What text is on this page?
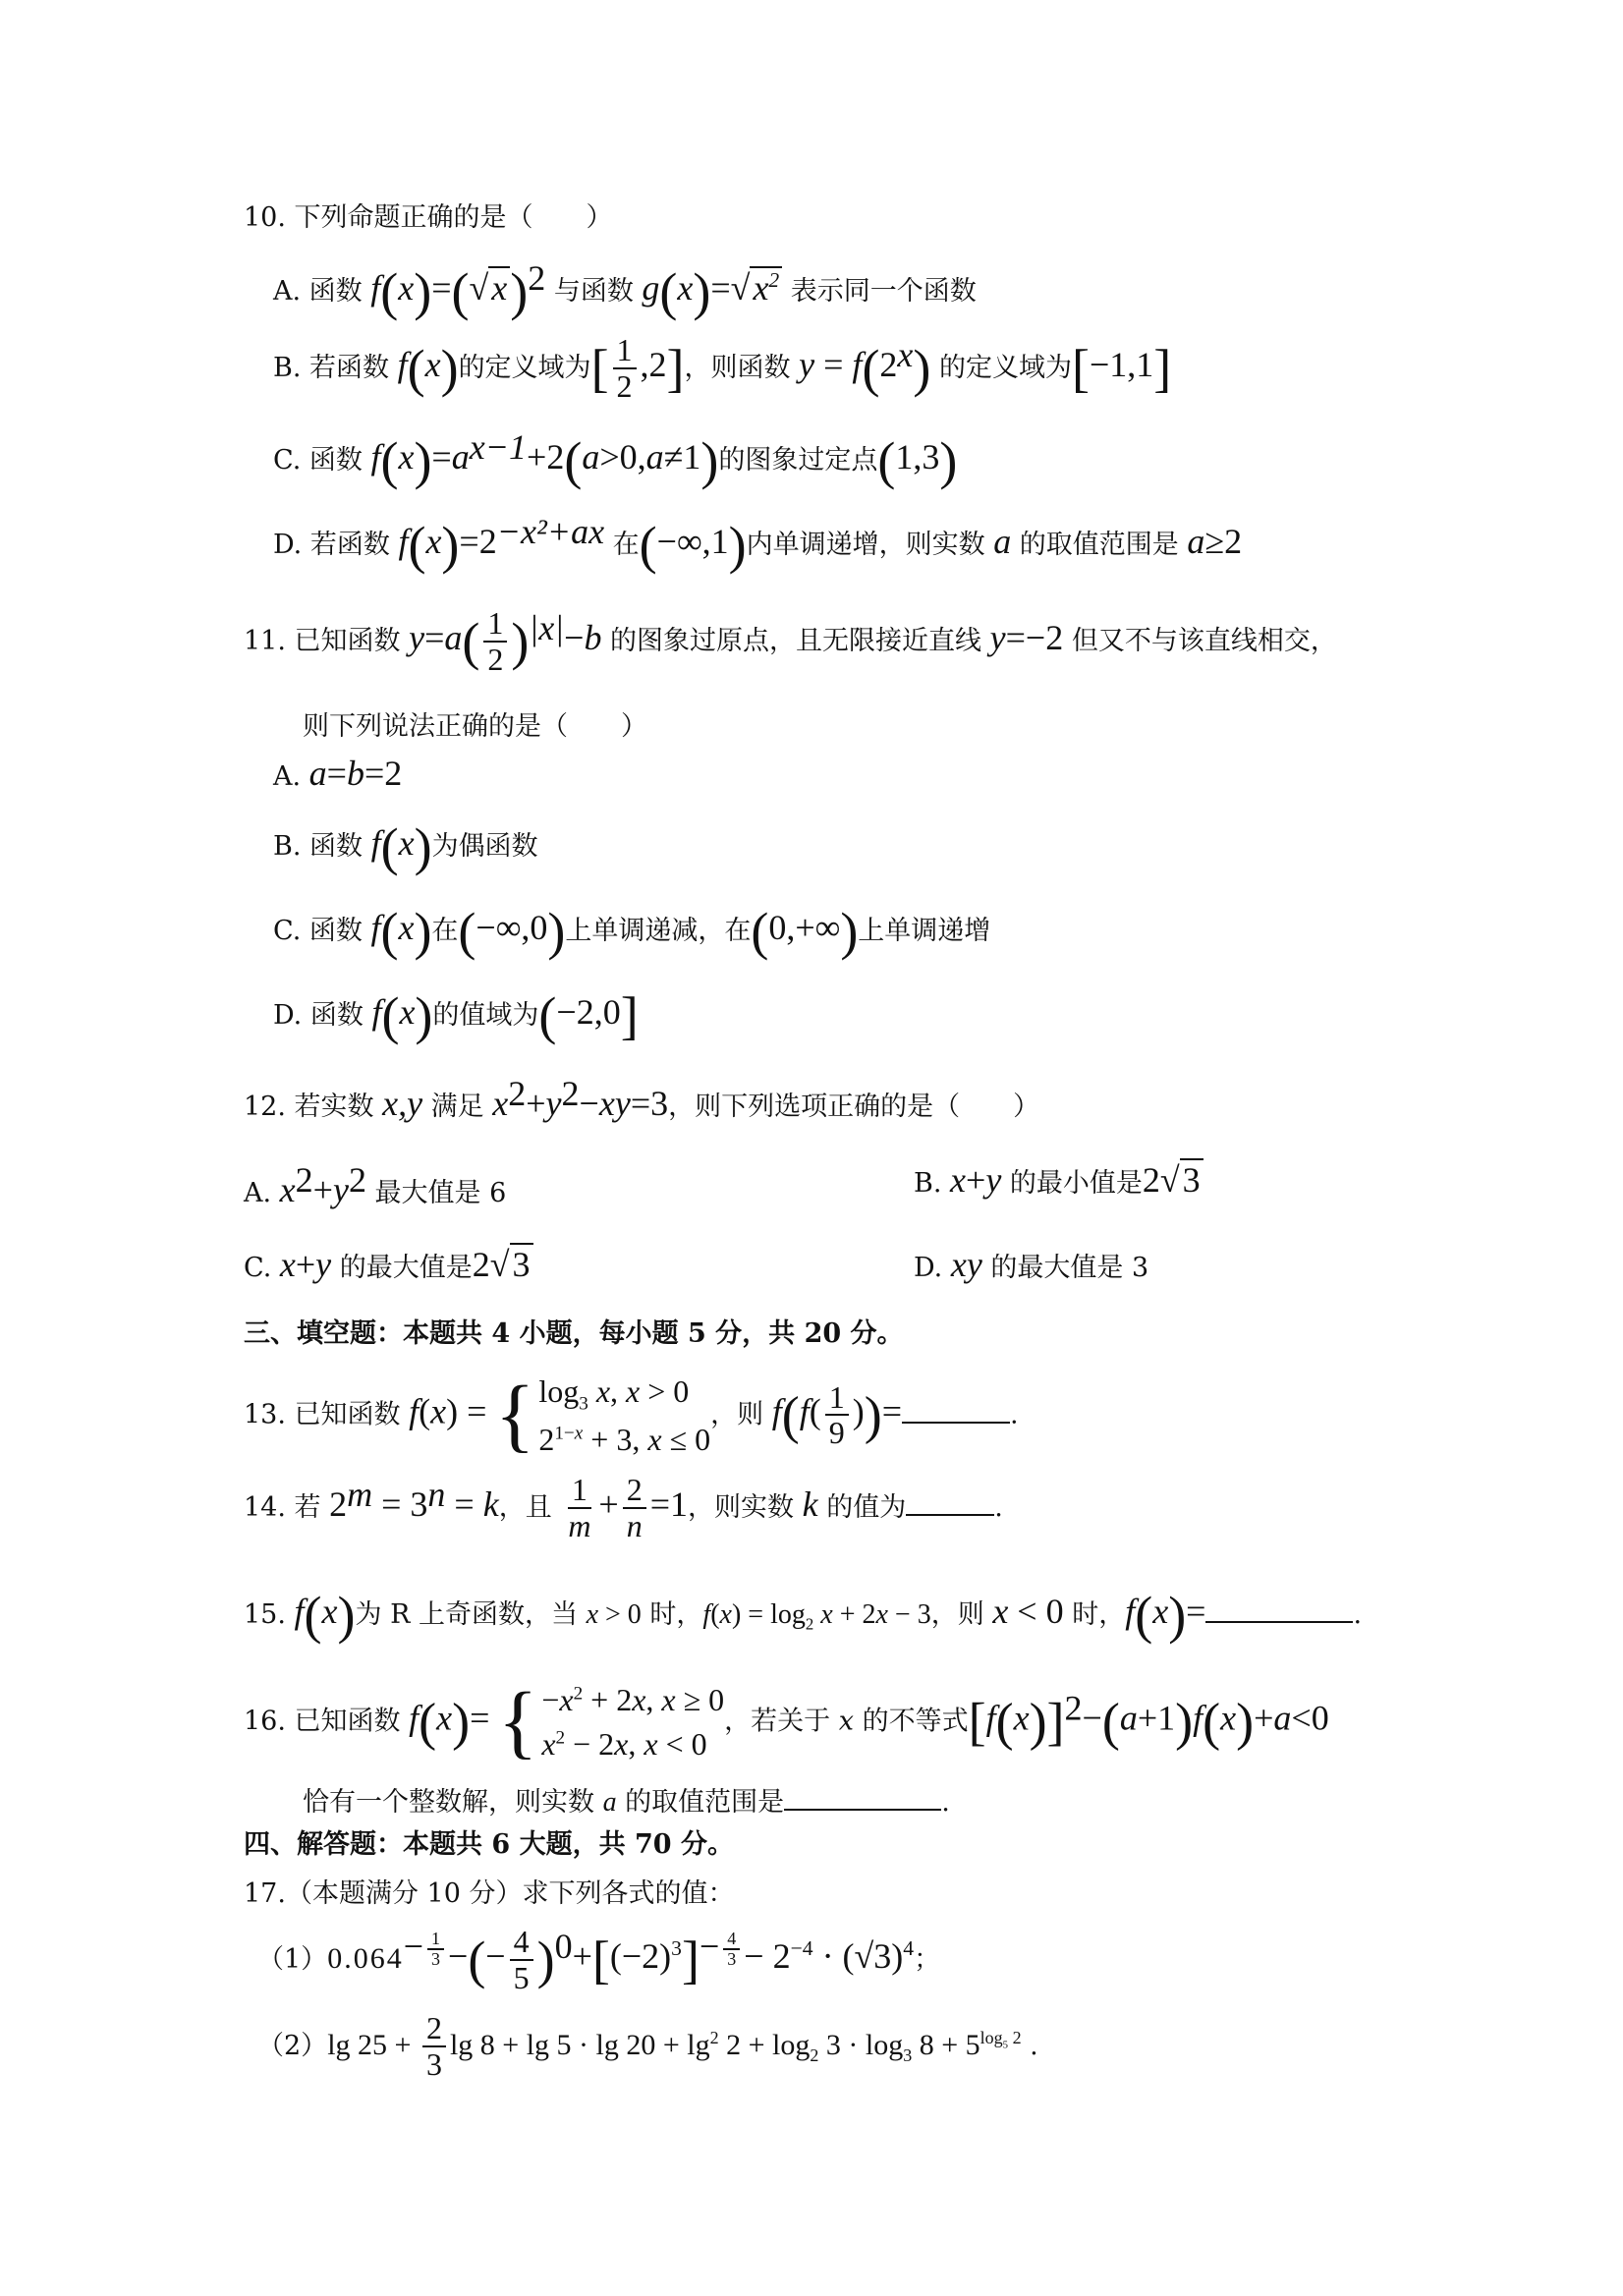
10. 下列命题正确的是（　　）
A. 函数 $f(x)=(√x)^2$ 与函数 $g(x)=√x^2$ 表示同一个函数
B. 若函数 f(x)的定义域为[ $\frac{1}{2} ,2$]，则函数 $y = f(2^x)$ 的定义域为[−1,1]
C. 函数 $f(x)=a^{x-1}+2(a>0,a\ne 1)$的图象过定点(1,3)
D. 若函数 $f(x)=2^{-x^2+ax}$ 在(−∞,1)内单调递增，则实数 a 的取值范围是 a≥2
11. 已知函数 $y=a( \frac{1}{2} )^{|x|}-b$ 的图象过原点，且无限接近直线 y=−2 但又不与该直线相交，
则下列说法正确的是（　　）
A. a=b=2
B. 函数 f(x)为偶函数
C. 函数 f(x)在(−∞,0)上单调递减，在(0,+∞)上单调递增
D. 函数 f(x)的值域为(−2,0]
12. 若实数 x,y 满足 $x^2+y^2-xy=3$，则下列选项正确的是（　　）
A. $x^2+y^2$ 最大值是 6	B. x+y 的最小值是2√3
C. x+y 的最大值是2√3	D. xy 的最大值是 3
三、填空题：本题共 4 小题，每小题 5 分，共 20 分。
13. 已知函数 f(x) = { $\log_3 x$, x > 0
$2^{1-x} + 3$, x ≤ 0
，则 $f(f( \frac{1}{9}$ ))=	.
14. 若 $2^m = 3^n = k$，且 $\frac{1}{m} + \frac{2}{n} =1$，则实数 k 的值为	.
15. f(x)为 R 上奇函数，当 x > 0 时，$f(x) = \log_2 x + 2x - 3$，则 x < 0 时，f(x)=	.
16. 已知函数 f(x)= { $-x^2 + 2x$, x ≥ 0
$x^2 - 2x$, x < 0
，若关于 x 的不等式$[f(x)]^2-(a+1)f(x)+a<0$
恰有一个整数解，则实数 a 的取值范围是	.
四、解答题：本题共 6 大题，共 70 分。
17.（本题满分 10 分）求下列各式的值：
$(1)0.064^{- \frac{1}{3}}$ −(− $\frac{4}{5} )^0+[(-2)^3]^{- \frac{4}{3}} - 2^{-4} \cdot (√3)^4$；
（2）lg $25 + \frac{2}{3}$ $\lg 8 + \lg 5 \cdot \lg 20 + \lg^2 2 + \log_2 3 \cdot \log_3 8 + 5^{log_5 2}$ .
